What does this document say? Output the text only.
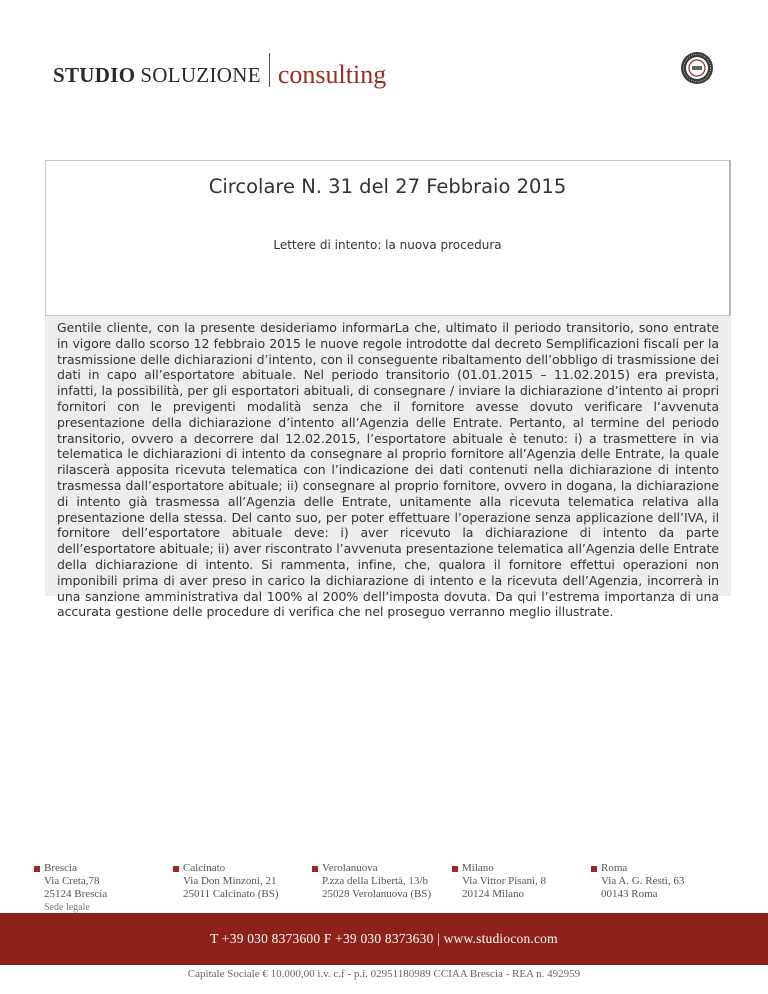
STUDIO SOLUZIONE consulting
Circolare N. 31 del 27 Febbraio 2015
Lettere di intento: la nuova procedura

Gentile cliente, con la presente desideriamo informarLa che, ultimato il periodo transitorio, sono entrate in vigore dallo scorso 12 febbraio 2015 le nuove regole introdotte dal decreto Semplificazioni fiscali per la trasmissione delle dichiarazioni d’intento, con il conseguente ribaltamento dell’obbligo di trasmissione dei dati in capo all’esportatore abituale. Nel periodo transitorio (01.01.2015 – 11.02.2015) era prevista, infatti, la possibilità, per gli esportatori abituali, di consegnare / inviare la dichiarazione d’intento ai propri fornitori con le previgenti modalità senza che il fornitore avesse dovuto verificare l’avvenuta presentazione della dichiarazione d’intento all’Agenzia delle Entrate. Pertanto, al termine del periodo transitorio, ovvero a decorrere dal 12.02.2015, l’esportatore abituale è tenuto: i) a trasmettere in via telematica le dichiarazioni di intento da consegnare al proprio fornitore all’Agenzia delle Entrate, la quale rilascerà apposita ricevuta telematica con l’indicazione dei dati contenuti nella dichiarazione di intento trasmessa dall’esportatore abituale; ii) consegnare al proprio fornitore, ovvero in dogana, la dichiarazione di intento già trasmessa all’Agenzia delle Entrate, unitamente alla ricevuta telematica relativa alla presentazione della stessa. Del canto suo, per poter effettuare l’operazione senza applicazione dell’IVA, il fornitore dell’esportatore abituale deve: i) aver ricevuto la dichiarazione di intento da parte dell’esportatore abituale; ii) aver riscontrato l’avvenuta presentazione telematica all’Agenzia delle Entrate della dichiarazione di intento. Si rammenta, infine, che, qualora il fornitore effettui operazioni non imponibili prima di aver preso in carico la dichiarazione di intento e la ricevuta dell’Agenzia, incorrerà in una sanzione amministrativa dal 100% al 200% dell’imposta dovuta. Da qui l’estrema importanza di una accurata gestione delle procedure di verifica che nel proseguo verranno meglio illustrate.

Brescia
Via Creta,78
25124 Brescia
Sede legale
Calcinato
Via Don Minzoni, 21
25011 Calcinato (BS)
Verolanuova
P.zza della Libertà, 13/b
25028 Verolanuova (BS)
Milano
Via Vittor Pisani, 8
20124 Milano
Roma
Via A. G. Resti, 63
00143 Roma
T +39 030 8373600 F +39 030 8373630 | www.studiocon.com
Capitale Sociale € 10.000,00 i.v. c.f - p.i. 02951180989 CCIAA Brescia - REA n. 492959
